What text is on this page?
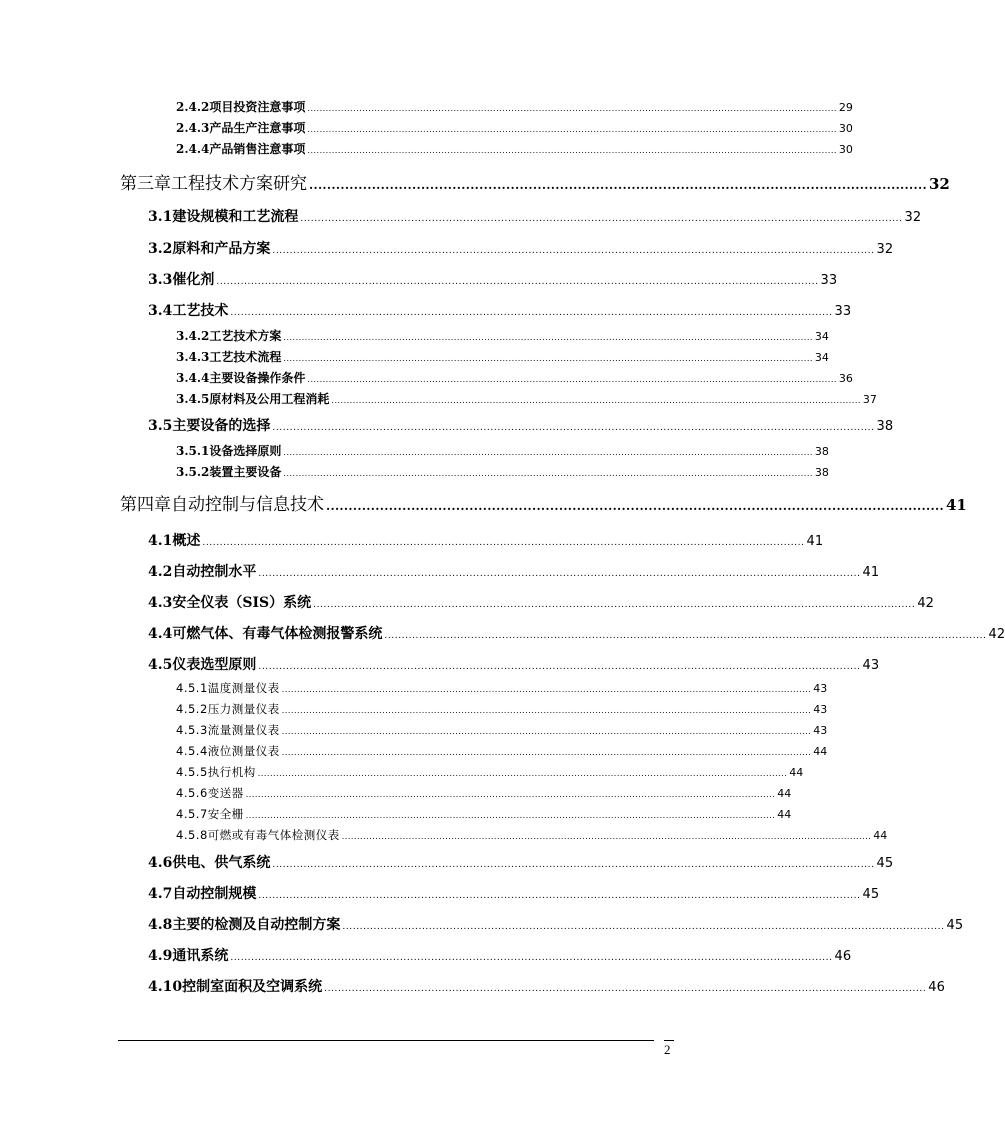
2.4.2 项目投资注意事项 .............................................................................................................................................................................. 29
2.4.3 产品生产注意事项 .............................................................................................................................................................................. 30
2.4.4 产品销售注意事项 .............................................................................................................................................................................. 30
第三章 工程技术方案研究 .......................................................................................................................................... 32
3.1 建设规模和工艺流程 .............................................................................................................................................................................. 32
3.2 原料和产品方案 .............................................................................................................................................................................. 32
3.3 催化剂 .............................................................................................................................................................................. 33
3.4 工艺技术 .............................................................................................................................................................................. 33
3.4.2 工艺技术方案 .............................................................................................................................................................................. 34
3.4.3 工艺技术流程 .............................................................................................................................................................................. 34
3.4.4 主要设备操作条件 .............................................................................................................................................................................. 36
3.4.5 原材料及公用工程消耗 .............................................................................................................................................................................. 37
3.5 主要设备的选择 .............................................................................................................................................................................. 38
3.5.1 设备选择原则 .............................................................................................................................................................................. 38
3.5.2 装置主要设备 .............................................................................................................................................................................. 38
第四章 自动控制与信息技术 .......................................................................................................................................... 41
4.1 概述 .............................................................................................................................................................................. 41
4.2 自动控制水平 .............................................................................................................................................................................. 41
4.3 安全仪表（SIS）系统 .............................................................................................................................................................................. 42
4.4 可燃气体、有毒气体检测报警系统 .............................................................................................................................................................................. 42
4.5 仪表选型原则 .............................................................................................................................................................................. 43
4.5.1 温度测量仪表 .............................................................................................................................................................................. 43
4.5.2 压力测量仪表 .............................................................................................................................................................................. 43
4.5.3 流量测量仪表 .............................................................................................................................................................................. 43
4.5.4 液位测量仪表 .............................................................................................................................................................................. 44
4.5.5 执行机构 .............................................................................................................................................................................. 44
4.5.6 变送器 .............................................................................................................................................................................. 44
4.5.7 安全栅 .............................................................................................................................................................................. 44
4.5.8 可燃或有毒气体检测仪表 .............................................................................................................................................................................. 44
4.6 供电、供气系统 .............................................................................................................................................................................. 45
4.7 自动控制规模 .............................................................................................................................................................................. 45
4.8 主要的检测及自动控制方案 .............................................................................................................................................................................. 45
4.9 通讯系统 .............................................................................................................................................................................. 46
4.10 控制室面积及空调系统 .............................................................................................................................................................................. 46
2
